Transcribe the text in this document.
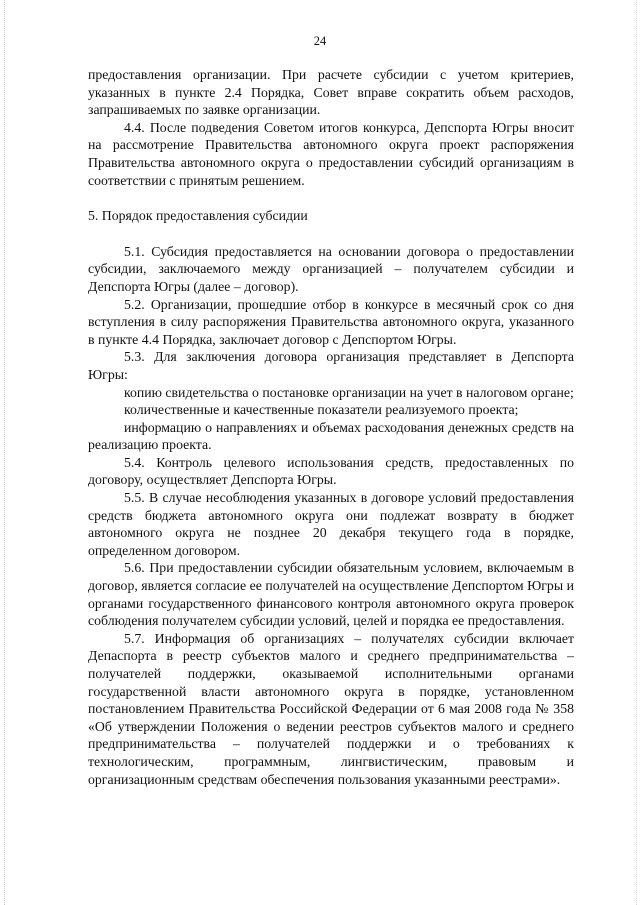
24

предоставления организации. При расчете субсидии с учетом критериев, указанных в пункте 2.4 Порядка, Совет вправе сократить объем расходов, запрашиваемых по заявке организации.

4.4. После подведения Советом итогов конкурса, Депспорта Югры вносит на рассмотрение Правительства автономного округа проект распоряжения Правительства автономного округа о предоставлении субсидий организациям в соответствии с принятым решением.

5. Порядок предоставления субсидии

5.1. Субсидия предоставляется на основании договора о предоставлении субсидии, заключаемого между организацией – получателем субсидии и Депспорта Югры (далее – договор).

5.2. Организации, прошедшие отбор в конкурсе в месячный срок со дня вступления в силу распоряжения Правительства автономного округа, указанного в пункте 4.4 Порядка, заключает договор с Депспортом Югры.

5.3. Для заключения договора организация представляет в Депспорта Югры:

копию свидетельства о постановке организации на учет в налоговом органе;

количественные и качественные показатели реализуемого проекта;

информацию о направлениях и объемах расходования денежных средств на реализацию проекта.

5.4. Контроль целевого использования средств, предоставленных по договору, осуществляет Депспорта Югры.

5.5. В случае несоблюдения указанных в договоре условий предоставления средств бюджета автономного округа они подлежат возврату в бюджет автономного округа не позднее 20 декабря текущего года в порядке, определенном договором.

5.6. При предоставлении субсидии обязательным условием, включаемым в договор, является согласие ее получателей на осуществление Депспортом Югры и органами государственного финансового контроля автономного округа проверок соблюдения получателем субсидии условий, целей и порядка ее предоставления.

5.7. Информация об организациях – получателях субсидии включает Депаспорта в реестр субъектов малого и среднего предпринимательства – получателей поддержки, оказываемой исполнительными органами государственной власти автономного округа в порядке, установленном постановлением Правительства Российской Федерации от 6 мая 2008 года № 358 «Об утверждении Положения о ведении реестров субъектов малого и среднего предпринимательства – получателей поддержки и о требованиях к технологическим, программным, лингвистическим, правовым и организационным средствам обеспечения пользования указанными реестрами».
